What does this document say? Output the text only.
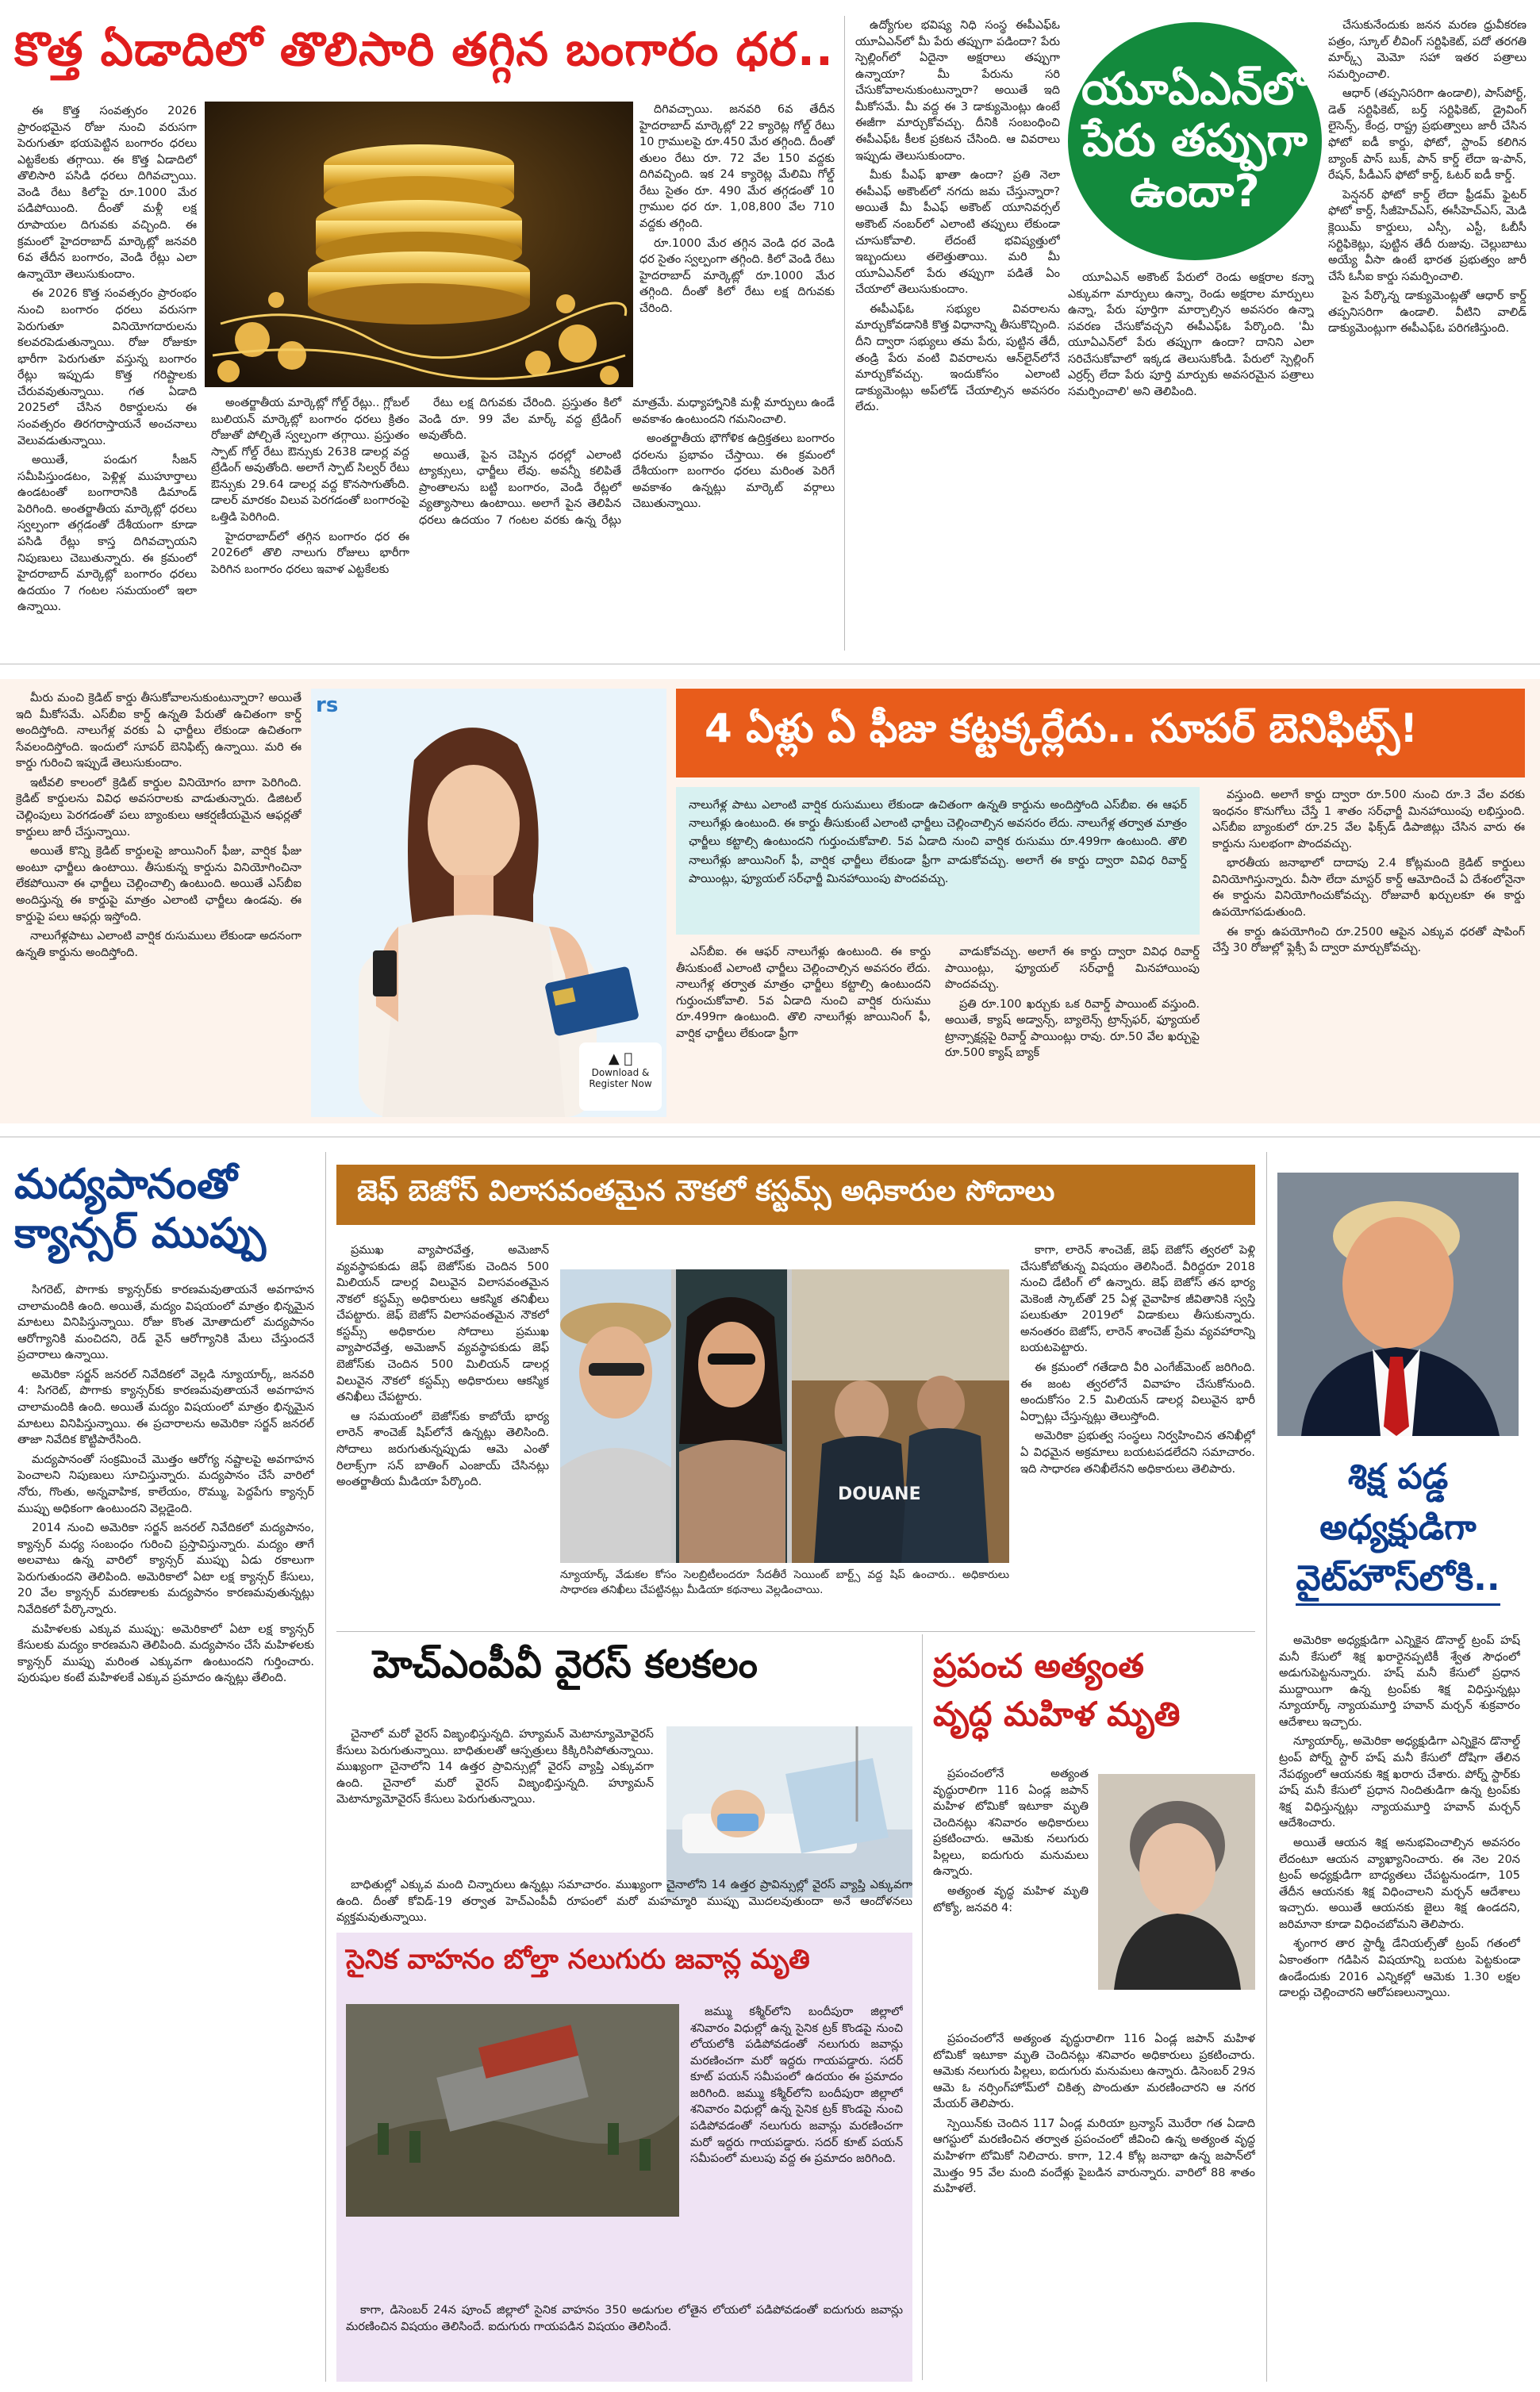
కొత్త ఏడాదిలో తొలిసారి తగ్గిన బంగారం ధర..

ఈ కొత్త సంవత్సరం 2026 ప్రారంభమైన రోజు నుంచి వరుసగా పెరుగుతూ భయపెట్టిన బంగారం ధరలు ఎట్టకేలకు తగ్గాయి. ఈ కొత్త ఏడాదిలో తొలిసారి పసిడి ధరలు దిగివచ్చాయి. వెండి రేటు కిలోపై రూ.1000 మేర పడిపోయింది. దీంతో మళ్లీ లక్ష రూపాయల దిగువకు వచ్చింది. ఈ క్రమంలో హైదరాబాద్ మార్కెట్లో జనవరి 6వ తేదీన బంగారం, వెండి రేట్లు ఎలా ఉన్నాయో తెలుసుకుందాం.

ఈ 2026 కొత్త సంవత్సరం ప్రారంభం నుంచి బంగారం ధరలు వరుసగా పెరుగుతూ వినియోగదారులను కలవరపెడుతున్నాయి. రోజు రోజుకూ భారీగా పెరుగుతూ వస్తున్న బంగారం రేట్లు ఇప్పుడు కొత్త గరిష్టాలకు చేరువవుతున్నాయి. గత ఏడాది 2025లో చేసిన రికార్డులను ఈ సంవత్సరం తిరగరాస్తాయనే అంచనాలు వెలువడుతున్నాయి.

అయితే, పండుగ సీజన్ సమీపిస్తుండటం, పెళ్లిళ్ల ముహూర్తాలు ఉండటంతో బంగారానికి డిమాండ్ పెరిగింది. అంతర్జాతీయ మార్కెట్లో ధరలు స్వల్పంగా తగ్గడంతో దేశీయంగా కూడా పసిడి రేట్లు కాస్త దిగివచ్చాయని నిపుణులు చెబుతున్నారు. ఈ క్రమంలో హైదరాబాద్ మార్కెట్లో బంగారం ధరలు ఉదయం 7 గంటల సమయంలో ఇలా ఉన్నాయి.

అంతర్జాతీయ మార్కెట్లో గోల్డ్ రేట్లు.. గ్లోబల్ బులియన్ మార్కెట్లో బంగారం ధరలు క్రితం రోజుతో పోల్చితే స్వల్పంగా తగ్గాయి. ప్రస్తుతం స్పాట్ గోల్డ్ రేటు ఔన్సుకు 2638 డాలర్ల వద్ద ట్రేడింగ్ అవుతోంది. అలాగే స్పాట్ సిల్వర్ రేటు ఔన్సుకు 29.64 డాలర్ల వద్ద కొనసాగుతోంది. డాలర్ మారకం విలువ పెరగడంతో బంగారంపై ఒత్తిడి పెరిగింది.

హైదరాబాద్‌లో తగ్గిన బంగారం ధర ఈ 2026లో తొలి నాలుగు రోజులు భారీగా పెరిగిన బంగారం ధరలు ఇవాళ ఎట్టకేలకు

దిగివచ్చాయి. జనవరి 6వ తేదీన హైదరాబాద్ మార్కెట్లో 22 క్యారెట్ల గోల్డ్ రేటు 10 గ్రాములపై రూ.450 మేర తగ్గింది. దీంతో తులం రేటు రూ. 72 వేల 150 వద్దకు దిగివచ్చింది. ఇక 24 క్యారెట్ల మేలిమి గోల్డ్ రేటు సైతం రూ. 490 మేర తగ్గడంతో 10 గ్రాముల ధర రూ. 1,08,800 వేల 710 వద్దకు తగ్గింది.

రూ.1000 మేర తగ్గిన వెండి ధర వెండి ధర సైతం స్వల్పంగా తగ్గింది. కిలో వెండి రేటు హైదరాబాద్ మార్కెట్లో రూ.1000 మేర తగ్గింది. దీంతో కిలో రేటు లక్ష దిగువకు చేరింది.

రేటు లక్ష దిగువకు చేరింది. ప్రస్తుతం కిలో వెండి రూ. 99 వేల మార్క్ వద్ద ట్రేడింగ్ అవుతోంది.

అయితే, పైన చెప్పిన ధరల్లో ఎలాంటి ట్యాక్సులు, ఛార్జీలు లేవు. అవన్నీ కలిపితే ప్రాంతాలను బట్టి బంగారం, వెండి రేట్లలో వ్యత్యాసాలు ఉంటాయి. అలాగే పైన తెలిపిన ధరలు ఉదయం 7 గంటల వరకు ఉన్న రేట్లు మాత్రమే. మధ్యాహ్నానికి మళ్లీ మార్పులు ఉండే అవకాశం ఉంటుందని గమనించాలి.

అంతర్జాతీయ భౌగోళిక ఉద్రిక్తతలు బంగారం ధరలను ప్రభావం చేస్తాయి. ఈ క్రమంలో దేశీయంగా బంగారం ధరలు మరింత పెరిగే అవకాశం ఉన్నట్లు మార్కెట్ వర్గాలు చెబుతున్నాయి.

యూఏఎన్‌లో
పేరు తప్పుగా
ఉందా?

ఉద్యోగుల భవిష్య నిధి సంస్థ ఈపీఎఫ్ఓ యూఏఎన్‌లో మీ పేరు తప్పుగా పడిందా? పేరు స్పెల్లింగ్‌లో ఏదైనా అక్షరాలు తప్పుగా ఉన్నాయా? మీ పేరును సరి చేసుకోవాలనుకుంటున్నారా? అయితే ఇది మీకోసమే. మీ వద్ద ఈ 3 డాక్యుమెంట్లు ఉంటే ఈజీగా మార్చుకోవచ్చు. దీనికి సంబంధించి ఈపీఎఫ్ఓ కీలక ప్రకటన చేసింది. ఆ వివరాలు ఇప్పుడు తెలుసుకుందాం.

మీకు పీఎఫ్ ఖాతా ఉందా? ప్రతి నెలా ఈపీఎఫ్ అకౌంట్‌లో నగదు జమ చేస్తున్నారా? అయితే మీ పీఎఫ్ అకౌంట్ యూనివర్సల్ అకౌంట్ నంబర్‌లో ఎలాంటి తప్పులు లేకుండా చూసుకోవాలి. లేదంటే భవిష్యత్తులో ఇబ్బందులు తలెత్తుతాయి. మరి మీ యూఏఎన్‌లో పేరు తప్పుగా పడితే ఏం చేయాలో తెలుసుకుందాం.

ఈపీఎఫ్ఓ సభ్యుల వివరాలను మార్చుకోవడానికి కొత్త విధానాన్ని తీసుకొచ్చింది. దీని ద్వారా సభ్యులు తమ పేరు, పుట్టిన తేదీ, తండ్రి పేరు వంటి వివరాలను ఆన్‌లైన్‌లోనే మార్చుకోవచ్చు. ఇందుకోసం ఎలాంటి డాక్యుమెంట్లు అప్‌లోడ్ చేయాల్సిన అవసరం లేదు.

యూఏఎన్ అకౌంట్ పేరులో రెండు అక్షరాల కన్నా ఎక్కువగా మార్పులు ఉన్నా, రెండు అక్షరాల మార్పులు ఉన్నా, పేరు పూర్తిగా మార్చాల్సిన అవసరం ఉన్నా సవరణ చేసుకోవచ్చని ఈపీఎఫ్ఓ పేర్కొంది. 'మీ యూఏఎన్‌లో పేరు తప్పుగా ఉందా? దానిని ఎలా సరిచేసుకోవాలో ఇక్కడ తెలుసుకోండి. పేరులో స్పెల్లింగ్ ఎర్రర్స్ లేదా పేరు పూర్తి మార్పుకు అవసరమైన పత్రాలు సమర్పించాలి' అని తెలిపింది.

చేసుకునేందుకు జనన మరణ ధ్రువీకరణ పత్రం, స్కూల్ లీవింగ్ సర్టిఫికెట్, పదో తరగతి మార్క్స్ మెమో సహా ఇతర పత్రాలు సమర్పించాలి.

ఆధార్ (తప్పనిసరిగా ఉండాలి), పాస్‌పోర్ట్, డెత్ సర్టిఫికెట్, బర్త్ సర్టిఫికెట్, డ్రైవింగ్ లైసెన్స్, కేంద్ర, రాష్ట్ర ప్రభుత్వాలు జారీ చేసిన ఫోటో ఐడీ కార్డు, ఫోటో, స్టాంప్ కలిగిన బ్యాంక్ పాస్ బుక్, పాన్ కార్డ్ లేదా ఇ-పాన్, రేషన్, పీడీఎస్ ఫోటో కార్డ్, ఓటర్ ఐడీ కార్డ్.

పెన్షనర్ ఫోటో కార్డ్ లేదా ఫ్రీడమ్ ఫైటర్ ఫోటో కార్డ్, సీజీహెచ్ఎస్, ఈసీహెచ్ఎస్, మెడి క్లెయిమ్ కార్డులు, ఎస్సీ, ఎస్టీ, ఓబీసీ సర్టిఫికెట్లు, పుట్టిన తేదీ రుజువు. చెల్లుబాటు అయ్యే వీసా ఉంటే భారత ప్రభుత్వం జారీ చేసే ఓసీఐ కార్డు సమర్పించాలి.

పైన పేర్కొన్న డాక్యుమెంట్లతో ఆధార్ కార్డ్ తప్పనిసరిగా ఉండాలి. వీటిని వాలిడ్ డాక్యుమెంట్లుగా ఈపీఎఫ్ఓ పరిగణిస్తుంది.

మీరు మంచి క్రెడిట్ కార్డు తీసుకోవాలనుకుంటున్నారా? అయితే ఇది మీకోసమే. ఎస్‌బీఐ కార్డ్ ఉన్నతి పేరుతో ఉచితంగా కార్డ్ అందిస్తోంది. నాలుగేళ్ల వరకు ఏ ఛార్జీలు లేకుండా ఉచితంగా సేవలందిస్తోంది. ఇందులో సూపర్ బెనిఫిట్స్ ఉన్నాయి. మరి ఈ కార్డు గురించి ఇప్పుడే తెలుసుకుందాం.

ఇటీవలి కాలంలో క్రెడిట్ కార్డుల వినియోగం బాగా పెరిగింది. క్రెడిట్ కార్డులను వివిధ అవసరాలకు వాడుతున్నారు. డిజిటల్ చెల్లింపులు పెరగడంతో పలు బ్యాంకులు ఆకర్షణీయమైన ఆఫర్లతో కార్డులు జారీ చేస్తున్నాయి.

అయితే కొన్ని క్రెడిట్ కార్డులపై జాయినింగ్ ఫీజు, వార్షిక ఫీజు అంటూ ఛార్జీలు ఉంటాయి. తీసుకున్న కార్డును వినియోగించినా లేకపోయినా ఈ ఛార్జీలు చెల్లించాల్సి ఉంటుంది. అయితే ఎస్‌బీఐ అందిస్తున్న ఈ కార్డుపై మాత్రం ఎలాంటి ఛార్జీలు ఉండవు. ఈ కార్డుపై పలు ఆఫర్లు ఇస్తోంది.

నాలుగేళ్లపాటు ఎలాంటి వార్షిక రుసుములు లేకుండా అదనంగా ఉన్నతి కార్డును అందిస్తోంది.

rs
▲
Download &
Register Now
4 ఏళ్లు ఏ ఫీజు కట్టక్కర్లేదు.. సూపర్ బెనిఫిట్స్!
నాలుగేళ్ల పాటు ఎలాంటి వార్షిక రుసుములు లేకుండా ఉచితంగా ఉన్నతి కార్డును అందిస్తోంది ఎస్‌బీఐ. ఈ ఆఫర్ నాలుగేళ్లు ఉంటుంది. ఈ కార్డు తీసుకుంటే ఎలాంటి ఛార్జీలు చెల్లించాల్సిన అవసరం లేదు. నాలుగేళ్ల తర్వాత మాత్రం ఛార్జీలు కట్టాల్సి ఉంటుందని గుర్తుంచుకోవాలి. 5వ ఏడాది నుంచి వార్షిక రుసుము రూ.499గా ఉంటుంది. తొలి నాలుగేళ్లు జాయినింగ్ ఫీ, వార్షిక ఛార్జీలు లేకుండా ఫ్రీగా వాడుకోవచ్చు. అలాగే ఈ కార్డు ద్వారా వివిధ రివార్డ్ పాయింట్లు, ఫ్యూయల్ సర్‌ఛార్జీ మినహాయింపు పొందవచ్చు.

ఎస్‌బీఐ. ఈ ఆఫర్ నాలుగేళ్లు ఉంటుంది. ఈ కార్డు తీసుకుంటే ఎలాంటి ఛార్జీలు చెల్లించాల్సిన అవసరం లేదు. నాలుగేళ్ల తర్వాత మాత్రం ఛార్జీలు కట్టాల్సి ఉంటుందని గుర్తుంచుకోవాలి. 5వ ఏడాది నుంచి వార్షిక రుసుము రూ.499గా ఉంటుంది. తొలి నాలుగేళ్లు జాయినింగ్ ఫీ, వార్షిక ఛార్జీలు లేకుండా ఫ్రీగా

వాడుకోవచ్చు. అలాగే ఈ కార్డు ద్వారా వివిధ రివార్డ్ పాయింట్లు, ఫ్యూయల్ సర్‌ఛార్జీ మినహాయింపు పొందవచ్చు.

ప్రతి రూ.100 ఖర్చుకు ఒక రివార్డ్ పాయింట్ వస్తుంది. అయితే, క్యాష్ అడ్వాన్స్, బ్యాలెన్స్ ట్రాన్స్‌ఫర్, ఫ్యూయల్ ట్రాన్సాక్షన్లపై రివార్డ్ పాయింట్లు రావు. రూ.50 వేల ఖర్చుపై రూ.500 క్యాష్ బ్యాక్

వస్తుంది. అలాగే కార్డు ద్వారా రూ.500 నుంచి రూ.3 వేల వరకు ఇంధనం కొనుగోలు చేస్తే 1 శాతం సర్‌ఛార్జీ మినహాయింపు లభిస్తుంది. ఎస్‌బీఐ బ్యాంకులో రూ.25 వేల ఫిక్స్‌డ్ డిపాజిట్లు చేసిన వారు ఈ కార్డును సులభంగా పొందవచ్చు.

భారతీయ జనాభాలో దాదాపు 2.4 కోట్లమంది క్రెడిట్ కార్డులు వినియోగిస్తున్నారు. వీసా లేదా మాస్టర్ కార్డ్ ఆమోదించే ఏ దేశంలోనైనా ఈ కార్డును వినియోగించుకోవచ్చు. రోజువారీ ఖర్చులకూ ఈ కార్డు ఉపయోగపడుతుంది.

ఈ కార్డు ఉపయోగించి రూ.2500 ఆపైన ఎక్కువ ధరతో షాపింగ్ చేస్తే 30 రోజుల్లో ఫ్లెక్సీ పే ద్వారా మార్చుకోవచ్చు.

మద్యపానంతో
క్యాన్సర్ ముప్పు

సిగరెట్, పొగాకు క్యాన్సర్‌కు కారణమవుతాయనే అవగాహన చాలామందికి ఉంది. అయితే, మద్యం విషయంలో మాత్రం భిన్నమైన మాటలు వినిపిస్తున్నాయి. రోజు కొంత మోతాదులో మద్యపానం ఆరోగ్యానికి మంచిదని, రెడ్ వైన్ ఆరోగ్యానికి మేలు చేస్తుందనే ప్రచారాలు ఉన్నాయి.

అమెరికా సర్జన్ జనరల్ నివేదికలో వెల్లడి న్యూయార్క్, జనవరి 4: సిగరెట్, పొగాకు క్యాన్సర్‌కు కారణమవుతాయనే అవగాహన చాలామందికి ఉంది. అయితే మద్యం విషయంలో మాత్రం భిన్నమైన మాటలు వినిపిస్తున్నాయి. ఈ ప్రచారాలను అమెరికా సర్జన్ జనరల్ తాజా నివేదిక కొట్టిపారేసింది.

మద్యపానంతో సంక్రమించే మొత్తం ఆరోగ్య నష్టాలపై అవగాహన పెంచాలని నిపుణులు సూచిస్తున్నారు. మద్యపానం చేసే వారిలో నోరు, గొంతు, అన్నవాహిక, కాలేయం, రొమ్ము, పెద్దపేగు క్యాన్సర్ ముప్పు అధికంగా ఉంటుందని వెల్లడైంది.

2014 నుంచి అమెరికా సర్జన్ జనరల్ నివేదికలో మద్యపానం, క్యాన్సర్ మధ్య సంబంధం గురించి ప్రస్తావిస్తున్నారు. మద్యం తాగే అలవాటు ఉన్న వారిలో క్యాన్సర్ ముప్పు ఏడు రకాలుగా పెరుగుతుందని తెలిపింది. అమెరికాలో ఏటా లక్ష క్యాన్సర్ కేసులు, 20 వేల క్యాన్సర్ మరణాలకు మద్యపానం కారణమవుతున్నట్లు నివేదికలో పేర్కొన్నారు.

మహిళలకు ఎక్కువ ముప్పు: అమెరికాలో ఏటా లక్ష క్యాన్సర్ కేసులకు మద్యం కారణమని తెలిపింది. మద్యపానం చేసే మహిళలకు క్యాన్సర్ ముప్పు మరింత ఎక్కువగా ఉంటుందని గుర్తించారు. పురుషుల కంటే మహిళలకే ఎక్కువ ప్రమాదం ఉన్నట్లు తేలింది.

జెఫ్ బెజోస్ విలాసవంతమైన నౌకలో కస్టమ్స్ అధికారుల సోదాలు

ప్రముఖ వ్యాపారవేత్త, అమెజాన్ వ్యవస్థాపకుడు జెఫ్ బెజోస్‌కు చెందిన 500 మిలియన్ డాలర్ల విలువైన విలాసవంతమైన నౌకలో కస్టమ్స్ అధికారులు ఆకస్మిక తనిఖీలు చేపట్టారు. జెఫ్ బెజోస్ విలాసవంతమైన నౌకలో కస్టమ్స్ అధికారుల సోదాలు ప్రముఖ వ్యాపారవేత్త, అమెజాన్ వ్యవస్థాపకుడు జెఫ్ బెజోస్‌కు చెందిన 500 మిలియన్ డాలర్ల విలువైన నౌకలో కస్టమ్స్ అధికారులు ఆకస్మిక తనిఖీలు చేపట్టారు.

ఆ సమయంలో బెజోస్‌కు కాబోయే భార్య లారెన్ శాంచెజ్ షిప్‌లోనే ఉన్నట్లు తెలిసింది. సోదాలు జరుగుతున్నప్పుడు ఆమె ఎంతో రిలాక్స్‌గా సన్ బాతింగ్ ఎంజాయ్ చేసినట్లు అంతర్జాతీయ మీడియా పేర్కొంది.

DOUANE
న్యూయార్క్ వేడుకల కోసం సెలబ్రిటీలందరూ సేదతీరే సెయింట్ బార్ట్స్ వద్ద షిప్ ఉంచారు.. అధికారులు సాధారణ తనిఖీలు చేపట్టినట్లు మీడియా కథనాలు వెల్లడించాయి.

కాగా, లారెన్ శాంచెజ్, జెఫ్ బెజోస్ త్వరలో పెళ్లి చేసుకోబోతున్న విషయం తెలిసిందే. వీరిద్దరూ 2018 నుంచి డేటింగ్ లో ఉన్నారు. జెఫ్ బెజోస్ తన భార్య మెకెంజీ స్కాట్‌తో 25 ఏళ్ల వైవాహిక జీవితానికి స్వస్తి పలుకుతూ 2019లో విడాకులు తీసుకున్నారు. అనంతరం బెజోస్, లారెన్ శాంచెజ్ ప్రేమ వ్యవహారాన్ని బయటపెట్టారు.

ఈ క్రమంలో గతేడాది వీరి ఎంగేజ్‌మెంట్ జరిగింది. ఈ జంట త్వరలోనే వివాహం చేసుకోనుంది. అందుకోసం 2.5 మిలియన్ డాలర్ల విలువైన భారీ ఏర్పాట్లు చేస్తున్నట్లు తెలుస్తోంది.

అమెరికా ప్రభుత్వ సంస్థలు నిర్వహించిన తనిఖీల్లో ఏ విధమైన అక్రమాలు బయటపడలేదని సమాచారం. ఇది సాధారణ తనిఖీలేనని అధికారులు తెలిపారు.	శిక్ష పడ్డ
అధ్యక్షుడిగా
వైట్‌హౌస్‌లోకి..

అమెరికా అధ్యక్షుడిగా ఎన్నికైన డొనాల్డ్ ట్రంప్ హష్ మనీ కేసులో శిక్ష ఖరారైనప్పటికీ శ్వేత సౌధంలో అడుగుపెట్టనున్నారు. హష్ మనీ కేసులో ప్రధాన ముద్దాయిగా ఉన్న ట్రంప్‌కు శిక్ష విధిస్తున్నట్లు న్యూయార్క్ న్యాయమూర్తి హవాన్ మర్చన్ శుక్రవారం ఆదేశాలు ఇచ్చారు.

న్యూయార్క్, అమెరికా అధ్యక్షుడిగా ఎన్నికైన డొనాల్డ్ ట్రంప్ పోర్న్ స్టార్ హష్ మనీ కేసులో దోషిగా తేలిన నేపథ్యంలో ఆయనకు శిక్ష ఖరారు చేశారు. పోర్న్ స్టార్‌కు హష్ మనీ కేసులో ప్రధాన నిందితుడిగా ఉన్న ట్రంప్‌కు శిక్ష విధిస్తున్నట్లు న్యాయమూర్తి హవాన్ మర్చన్ ఆదేశించారు.

అయితే ఆయన శిక్ష అనుభవించాల్సిన అవసరం లేదంటూ ఆయన వ్యాఖ్యానించారు. ఈ నెల 20న ట్రంప్ అధ్యక్షుడిగా బాధ్యతలు చేపట్టనుండగా, 105 తేదీన ఆయనకు శిక్ష విధించాలని మర్చన్ ఆదేశాలు ఇచ్చారు. అయితే ఆయనకు జైలు శిక్ష ఉండదని, జరిమానా కూడా విధించబోమని తెలిపారు.

శృంగార తార స్టార్మీ డేనియల్స్‌తో ట్రంప్ గతంలో ఏకాంతంగా గడిపిన విషయాన్ని బయట పెట్టకుండా ఉండేందుకు 2016 ఎన్నికల్లో ఆమెకు 1.30 లక్షల డాలర్లు చెల్లించారని ఆరోపణలున్నాయి.

హెచ్ఎంపీవీ వైరస్ కలకలం

చైనాలో మరో వైరస్ విజృంభిస్తున్నది. హ్యూమన్ మెటాన్యూమోవైరస్ కేసులు పెరుగుతున్నాయి. బాధితులతో ఆస్పత్రులు కిక్కిరిసిపోతున్నాయి. ముఖ్యంగా చైనాలోని 14 ఉత్తర ప్రావిన్సుల్లో వైరస్ వ్యాప్తి ఎక్కువగా ఉంది. చైనాలో మరో వైరస్ విజృంభిస్తున్నది. హ్యూమన్ మెటాన్యూమోవైరస్ కేసులు పెరుగుతున్నాయి.

బాధితుల్లో ఎక్కువ మంది చిన్నారులు ఉన్నట్లు సమాచారం. ముఖ్యంగా చైనాలోని 14 ఉత్తర ప్రావిన్సుల్లో వైరస్ వ్యాప్తి ఎక్కువగా ఉంది. దీంతో కోవిడ్-19 తర్వాత హెచ్ఎంపీవీ రూపంలో మరో మహమ్మారి ముప్పు మొదలవుతుందా అనే ఆందోళనలు వ్యక్తమవుతున్నాయి.

సైనిక వాహనం బోల్తా నలుగురు జవాన్ల మృతి

జమ్ము కశ్మీర్‌లోని బందీపురా జిల్లాలో శనివారం విధుల్లో ఉన్న సైనిక ట్రక్ కొండపై నుంచి లోయలోకి పడిపోవడంతో నలుగురు జవాన్లు మరణించగా మరో ఇద్దరు గాయపడ్డారు. సదర్ కూట్ పయన్ సమీపంలో ఉదయం ఈ ప్రమాదం జరిగింది. జమ్ము కశ్మీర్‌లోని బందీపురా జిల్లాలో శనివారం విధుల్లో ఉన్న సైనిక ట్రక్ కొండపై నుంచి పడిపోవడంతో నలుగురు జవాన్లు మరణించగా మరో ఇద్దరు గాయపడ్డారు. సదర్ కూట్ పయన్ సమీపంలో మలుపు వద్ద ఈ ప్రమాదం జరిగింది.

కాగా, డిసెంబర్ 24న పూంచ్ జిల్లాలో సైనిక వాహనం 350 అడుగుల లోతైన లోయలో పడిపోవడంతో ఐదుగురు జవాన్లు మరణించిన విషయం తెలిసిందే. ఐదుగురు గాయపడిన విషయం తెలిసిందే.

ప్రపంచ అత్యంత
వృద్ధ మహిళ మృతి

ప్రపంచంలోనే అత్యంత వృద్ధురాలిగా 116 ఏండ్ల జపాన్ మహిళ టోమికో ఇటూకా మృతి చెందినట్లు శనివారం అధికారులు ప్రకటించారు. ఆమెకు నలుగురు పిల్లలు, ఐదుగురు మనుమలు ఉన్నారు.

అత్యంత వృద్ధ మహిళ మృతి టోక్యో, జనవరి 4:

ప్రపంచంలోనే అత్యంత వృద్ధురాలిగా 116 ఏండ్ల జపాన్ మహిళ టోమికో ఇటూకా మృతి చెందినట్లు శనివారం అధికారులు ప్రకటించారు. ఆమెకు నలుగురు పిల్లలు, ఐదుగురు మనుమలు ఉన్నారు. డిసెంబర్ 29న ఆమె ఓ నర్సింగ్‌హోమ్‌లో చికిత్స పొందుతూ మరణించారని ఆ నగర మేయర్ తెలిపారు.

స్పెయిన్‌కు చెందిన 117 ఏండ్ల మరియా బ్రన్యాస్ మొరేరా గత ఏడాది ఆగస్టులో మరణించిన తర్వాత ప్రపంచంలో జీవించి ఉన్న అత్యంత వృద్ధ మహిళగా టోమికో నిలిచారు. కాగా, 12.4 కోట్ల జనాభా ఉన్న జపాన్‌లో మొత్తం 95 వేల మంది వందేళ్లు పైబడిన వారున్నారు. వారిలో 88 శాతం మహిళలే.
